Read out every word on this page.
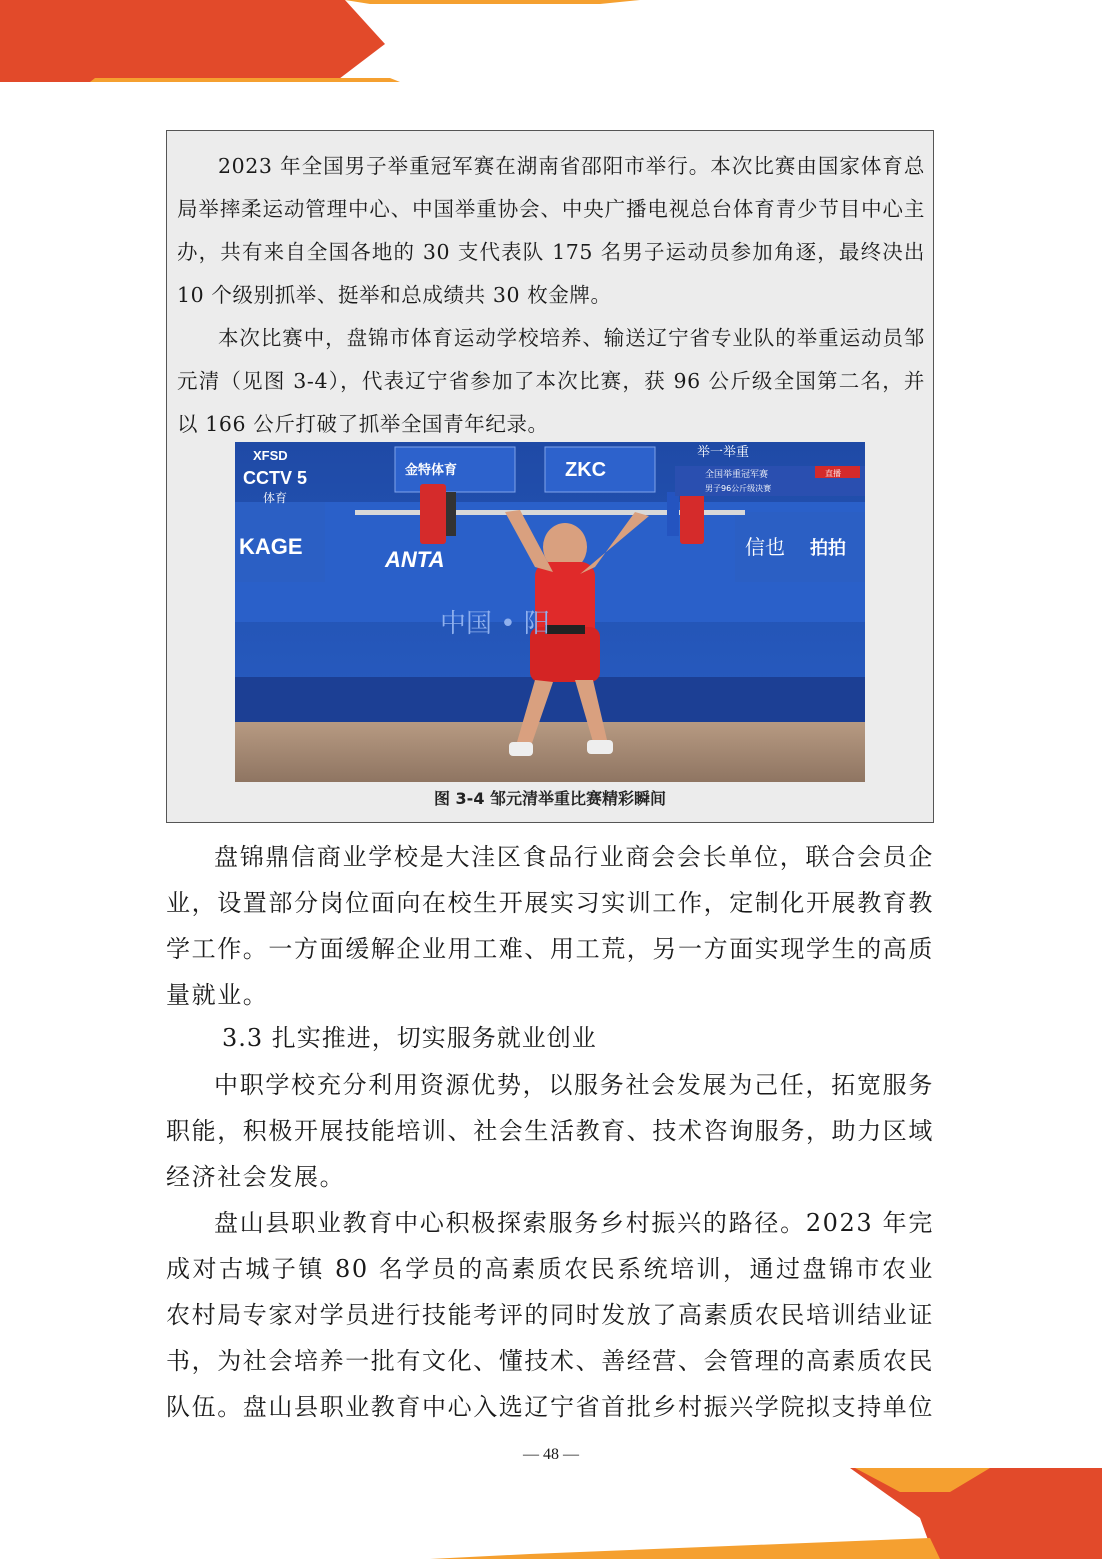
2023 年全国男子举重冠军赛在湖南省邵阳市举行。本次比赛由国家体育总局举摔柔运动管理中心、中国举重协会、中央广播电视总台体育青少节目中心主办，共有来自全国各地的 30 支代表队 175 名男子运动员参加角逐，最终决出 10 个级别抓举、挺举和总成绩共 30 枚金牌。

本次比赛中，盘锦市体育运动学校培养、输送辽宁省专业队的举重运动员邹元清（见图 3-4），代表辽宁省参加了本次比赛，获 96 公斤级全国第二名，并以 166 公斤打破了抓举全国青年纪录。

XFSD
CCTV 5
体育
金特体育	ZKC
ANTA
KAGE	信也 拍拍
中国 • 阳
举一举重
全国举重冠军赛
男子96公斤级决赛
直播
图 3-4 邹元清举重比赛精彩瞬间

盘锦鼎信商业学校是大洼区食品行业商会会长单位，联合会员企业，设置部分岗位面向在校生开展实习实训工作，定制化开展教育教学工作。一方面缓解企业用工难、用工荒，另一方面实现学生的高质量就业。

3.3 扎实推进，切实服务就业创业

中职学校充分利用资源优势，以服务社会发展为己任，拓宽服务职能，积极开展技能培训、社会生活教育、技术咨询服务，助力区域经济社会发展。

盘山县职业教育中心积极探索服务乡村振兴的路径。2023 年完成对古城子镇 80 名学员的高素质农民系统培训，通过盘锦市农业农村局专家对学员进行技能考评的同时发放了高素质农民培训结业证书，为社会培养一批有文化、懂技术、善经营、会管理的高素质农民队伍。盘山县职业教育中心入选辽宁省首批乡村振兴学院拟支持单位

— 48 —
